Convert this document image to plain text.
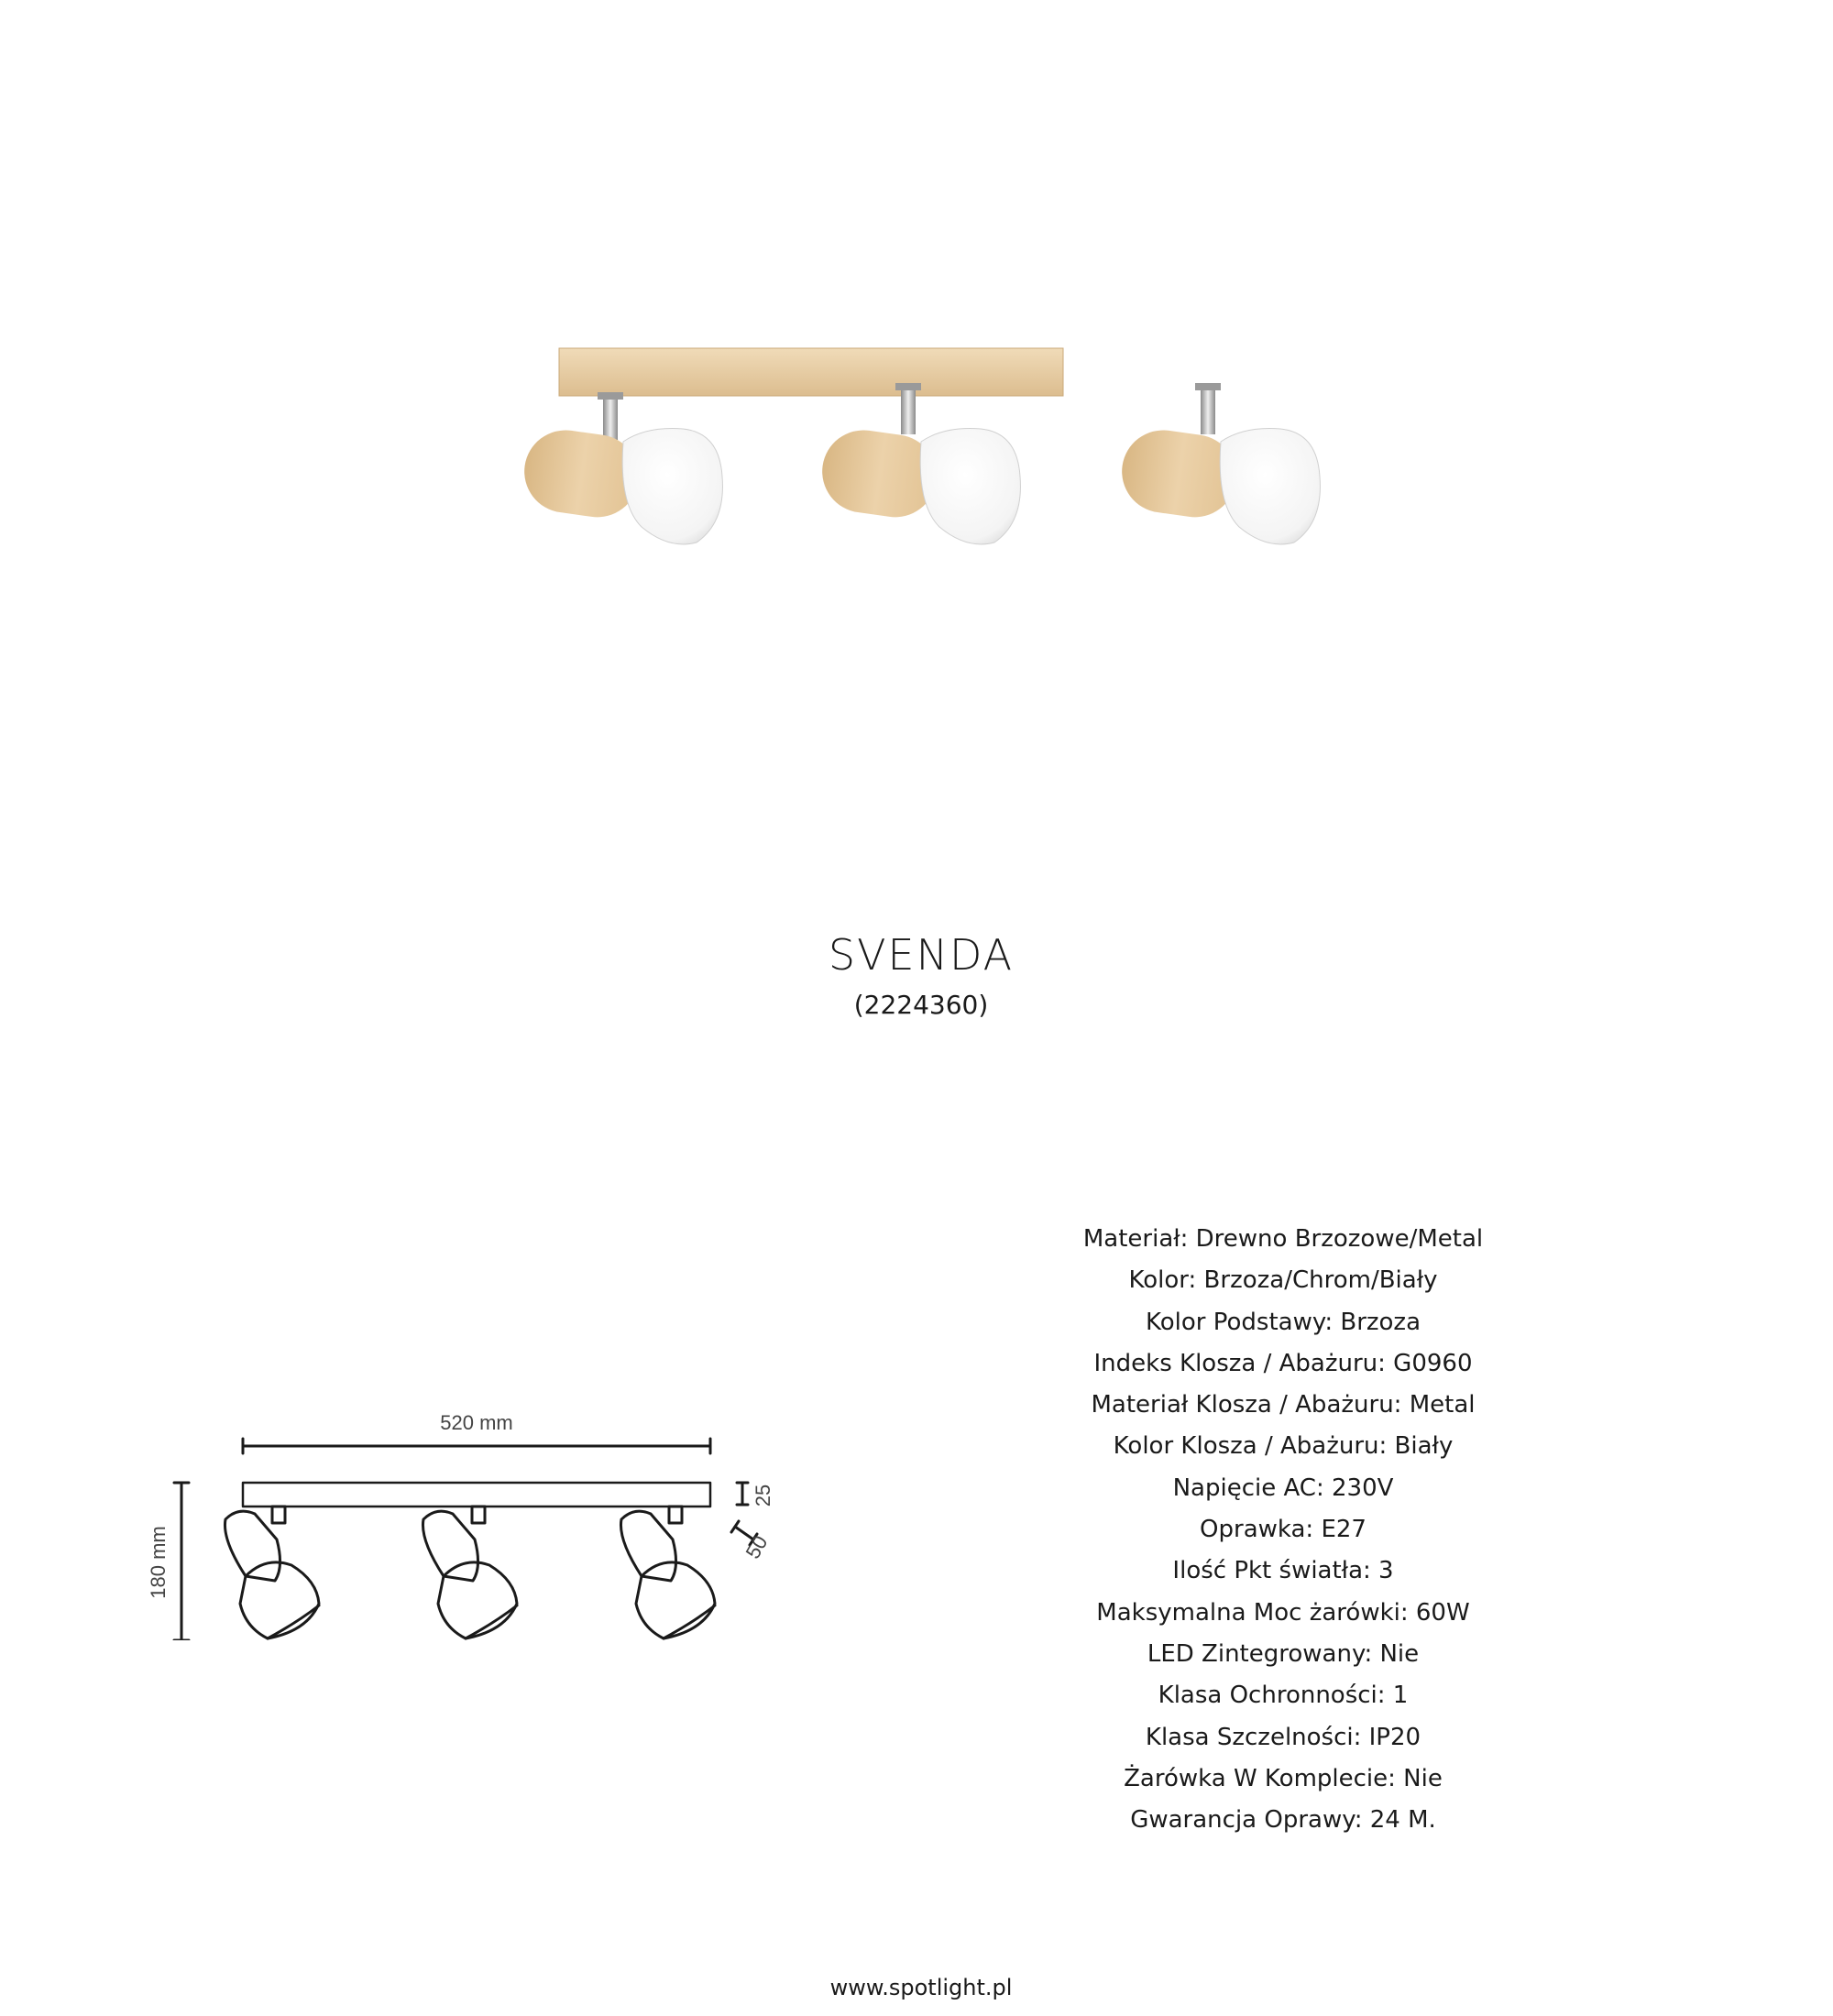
SVENDA
(2224360)
520 mm
180 mm
25
50
Materiał: Drewno Brzozowe/Metal
Kolor: Brzoza/Chrom/Biały
Kolor Podstawy: Brzoza
Indeks Klosza / Abażuru: G0960
Materiał Klosza / Abażuru: Metal
Kolor Klosza / Abażuru: Biały
Napięcie AC: 230V
Oprawka: E27
Ilość Pkt światła: 3
Maksymalna Moc żarówki: 60W
LED Zintegrowany: Nie
Klasa Ochronności: 1
Klasa Szczelności: IP20
Żarówka W Komplecie: Nie
Gwarancja Oprawy: 24 M.
www.spotlight.pl
